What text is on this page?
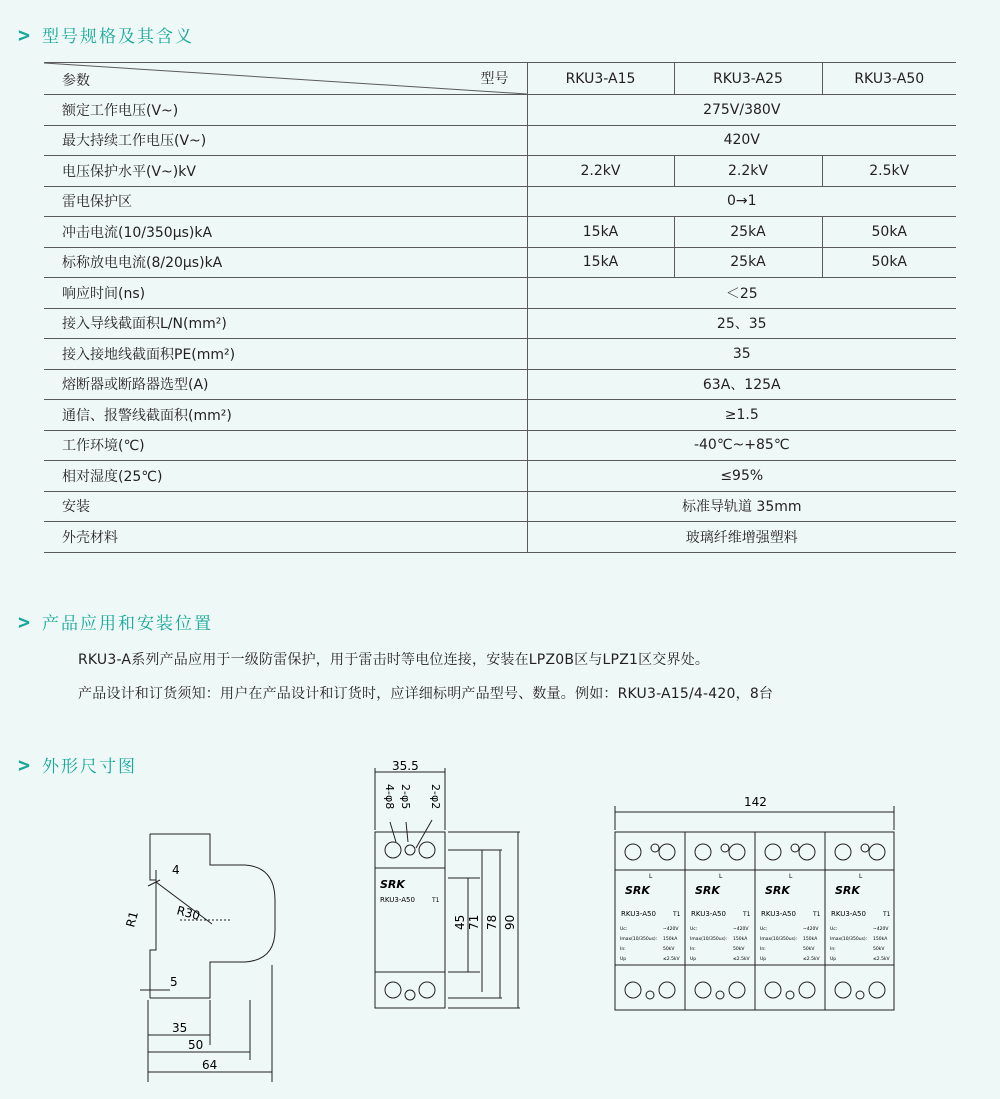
> 型号规格及其含义
参数 型号	RKU3-A15	RKU3-A25	RKU3-A50
额定工作电压(V~)	275V/380V		
最大持续工作电压(V~)	420V		
电压保护水平(V~)kV	2.2kV	2.2kV	2.5kV
雷电保护区	0→1		
冲击电流(10/350μs)kA	15kA	25kA	50kA
标称放电电流(8/20μs)kA	15kA	25kA	50kA
响应时间(ns)	＜25		
接入导线截面积L/N(mm²)	25、35		
接入接地线截面积PE(mm²)	35		
熔断器或断路器选型(A)	63A、125A		
通信、报警线截面积(mm²)	≥1.5		
工作环境(℃)	-40℃~+85℃		
相对湿度(25℃)	≤95%		
安装	标准导轨道 35mm		
外壳材料	玻璃纤维增强塑料		
> 产品应用和安装位置
RKU3-A系列产品应用于一级防雷保护，用于雷击时等电位连接，安装在LPZ0B区与LPZ1区交界处。
产品设计和订货须知：用户在产品设计和订货时，应详细标明产品型号、数量。例如：RKU3-A15/4-420，8台
> 外形尺寸图
4
R1	R30
5
35
50
64
35.5
4-φ8 2-φ5 2-φ2
45 71 78 90
SRK
RKU3-A50	T1
142
SRK
RKU3-A50	T1
L
Uc:	~420V
Imax(10/350us): 150kA
In:	50kV
Up	≤2.5kV
SRK
RKU3-A50	T1
L
Uc:	~420V
Imax(10/350us): 150kA
In:	50kV
Up	≤2.5kV
SRK
RKU3-A50	T1
L
Uc:	~420V
Imax(10/350us): 150kA
In:	50kV
Up	≤2.5kV
SRK
RKU3-A50	T1
L
Uc:	~420V
Imax(10/350us): 150kA
In:	50kV
Up	≤2.5kV
